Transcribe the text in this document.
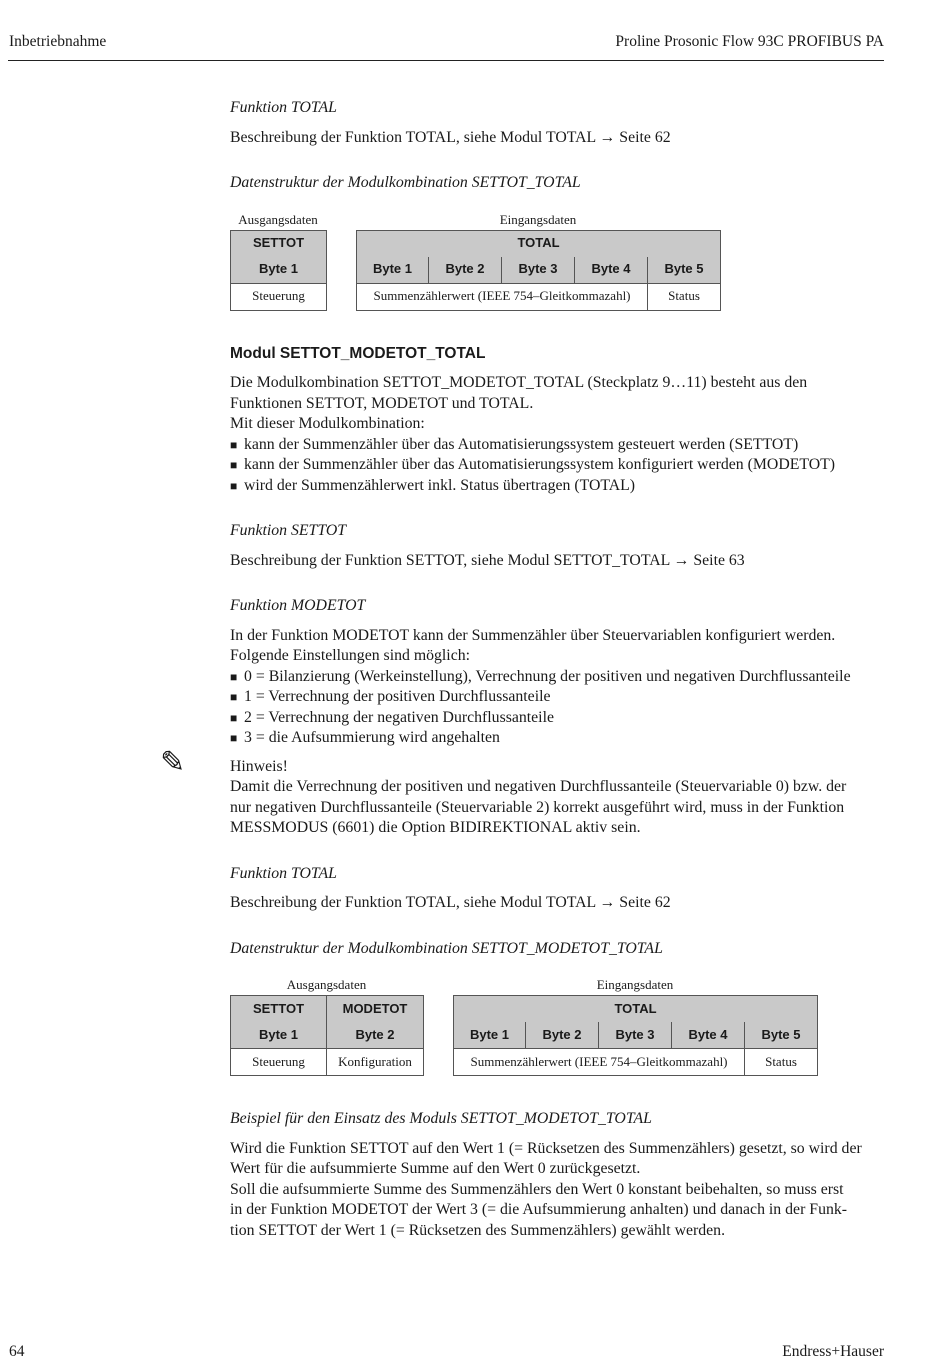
Inbetriebnahme	Proline Prosonic Flow 93C PROFIBUS PA

Funktion TOTAL

Beschreibung der Funktion TOTAL, siehe Modul TOTAL → Seite 62

Datenstruktur der Modulkombination SETTOT_TOTAL

Ausgangsdaten	Eingangsdaten
SETTOT
Byte 1
Steuerung
TOTAL				
Byte 1	Byte 2	Byte 3	Byte 4	Byte 5
Summenzählerwert (IEEE 754–Gleitkommazahl)				Status

Modul SETTOT_MODETOT_TOTAL

Die Modulkombination SETTOT_MODETOT_TOTAL (Steckplatz 9…11) besteht aus den

Funktionen SETTOT, MODETOT und TOTAL.

Mit dieser Modulkombination:

■ kann der Summenzähler über das Automatisierungssystem gesteuert werden (SETTOT)
■ kann der Summenzähler über das Automatisierungssystem konfiguriert werden (MODETOT)
■ wird der Summenzählerwert inkl. Status übertragen (TOTAL)

Funktion SETTOT

Beschreibung der Funktion SETTOT, siehe Modul SETTOT_TOTAL → Seite 63

Funktion MODETOT

In der Funktion MODETOT kann der Summenzähler über Steuervariablen konfiguriert werden.

Folgende Einstellungen sind möglich:

■ 0 = Bilanzierung (Werkeinstellung), Verrechnung der positiven und negativen Durchflussanteile
■ 1 = Verrechnung der positiven Durchflussanteile
■ 2 = Verrechnung der negativen Durchflussanteile
■ 3 = die Aufsummierung wird angehalten
✎	Hinweis!

Damit die Verrechnung der positiven und negativen Durchflussanteile (Steuervariable 0) bzw. der

nur negativen Durchflussanteile (Steuervariable 2) korrekt ausgeführt wird, muss in der Funktion

MESSMODUS (6601) die Option BIDIREKTIONAL aktiv sein.

Funktion TOTAL

Beschreibung der Funktion TOTAL, siehe Modul TOTAL → Seite 62

Datenstruktur der Modulkombination SETTOT_MODETOT_TOTAL

Ausgangsdaten	Eingangsdaten
SETTOT	MODETOT
Byte 1	Byte 2
Steuerung	Konfiguration
TOTAL				
Byte 1	Byte 2	Byte 3	Byte 4	Byte 5
Summenzählerwert (IEEE 754–Gleitkommazahl)				Status

Beispiel für den Einsatz des Moduls SETTOT_MODETOT_TOTAL

Wird die Funktion SETTOT auf den Wert 1 (= Rücksetzen des Summenzählers) gesetzt, so wird der

Wert für die aufsummierte Summe auf den Wert 0 zurückgesetzt.

Soll die aufsummierte Summe des Summenzählers den Wert 0 konstant beibehalten, so muss erst

in der Funktion MODETOT der Wert 3 (= die Aufsummierung anhalten) und danach in der Funk-

tion SETTOT der Wert 1 (= Rücksetzen des Summenzählers) gewählt werden.

64	Endress+Hauser
